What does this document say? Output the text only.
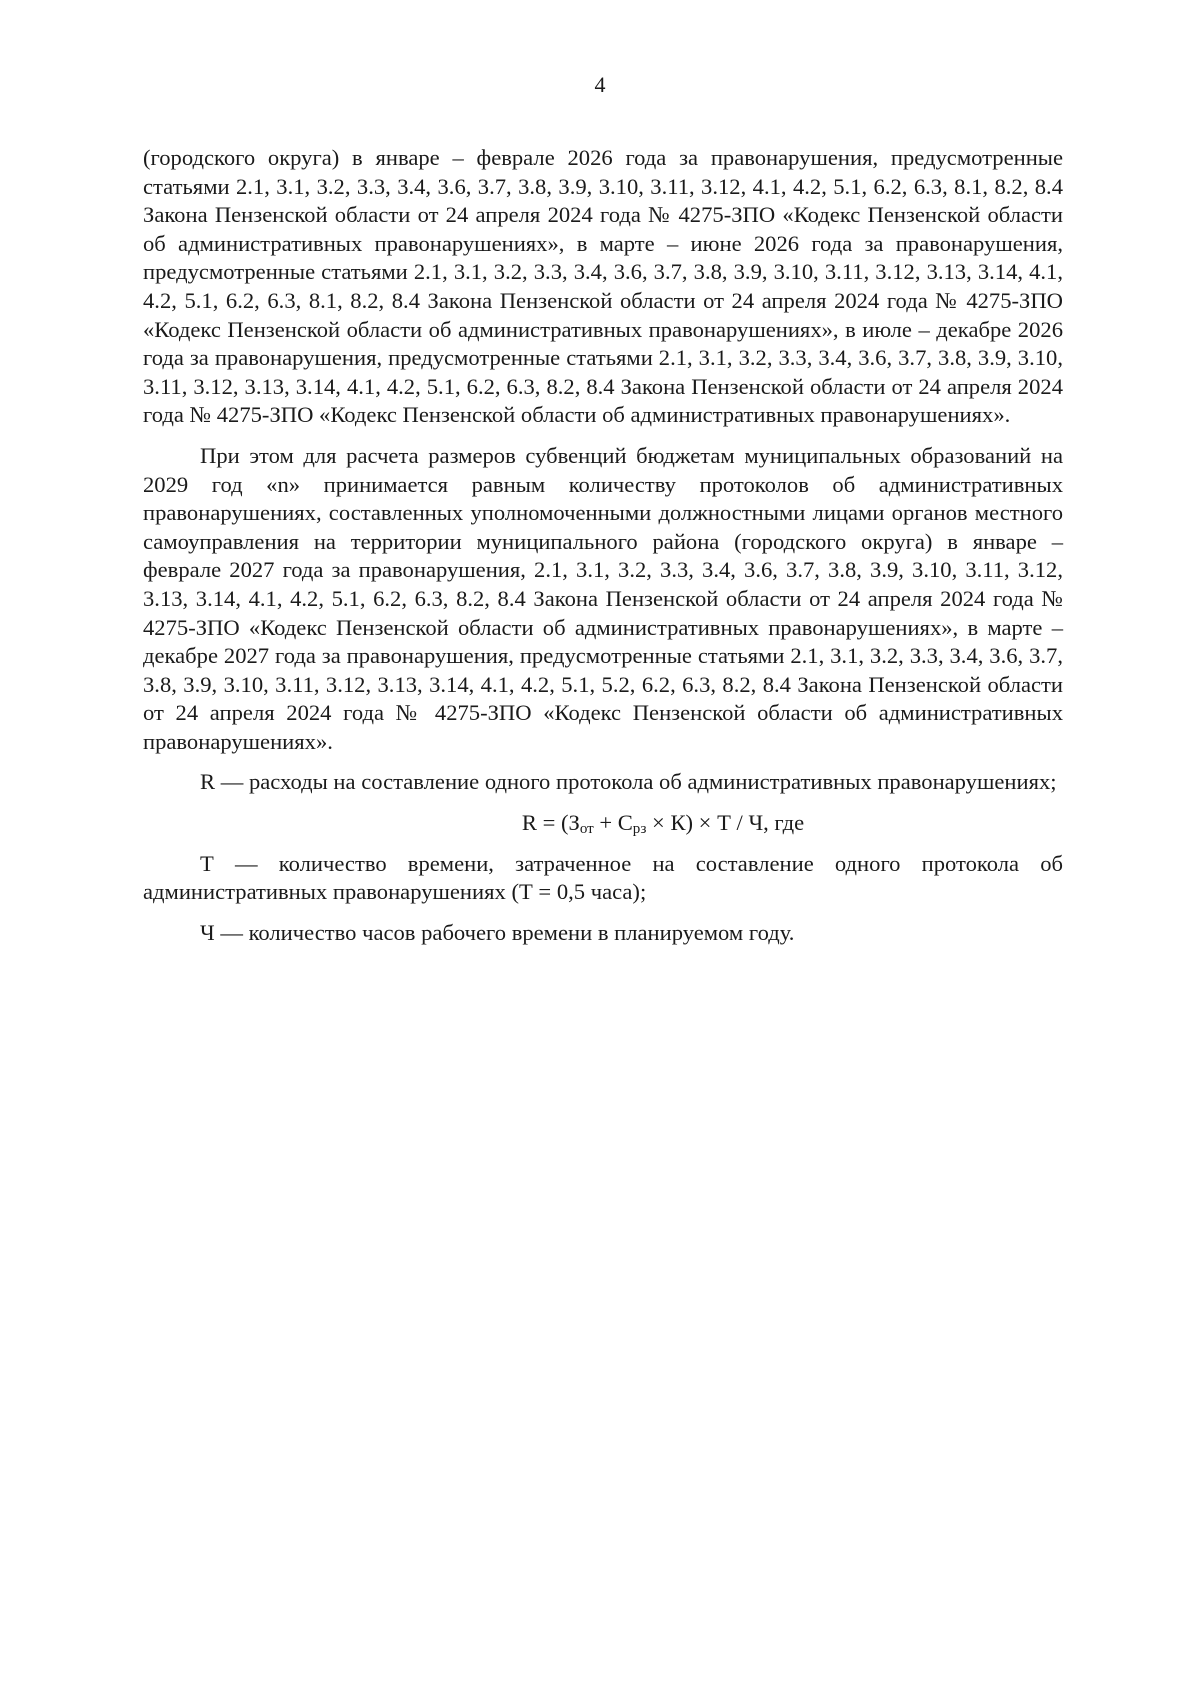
4

(городского округа) в январе – феврале 2026 года за правонарушения, предусмотренные статьями 2.1, 3.1, 3.2, 3.3, 3.4, 3.6, 3.7, 3.8, 3.9, 3.10, 3.11, 3.12, 4.1, 4.2, 5.1, 6.2, 6.3, 8.1, 8.2, 8.4 Закона Пензенской области от 24 апреля 2024 года № 4275-ЗПО «Кодекс Пензенской области об административных правонарушениях», в марте – июне 2026 года за правонарушения, предусмотренные статьями 2.1, 3.1, 3.2, 3.3, 3.4, 3.6, 3.7, 3.8, 3.9, 3.10, 3.11, 3.12, 3.13, 3.14, 4.1, 4.2, 5.1, 6.2, 6.3, 8.1, 8.2, 8.4 Закона Пензенской области от 24 апреля 2024 года № 4275-ЗПО «Кодекс Пензенской области об административных правонарушениях», в июле – декабре 2026 года за правонарушения, предусмотренные статьями 2.1, 3.1, 3.2, 3.3, 3.4, 3.6, 3.7, 3.8, 3.9, 3.10, 3.11, 3.12, 3.13, 3.14, 4.1, 4.2, 5.1, 6.2, 6.3, 8.2, 8.4 Закона Пензенской области от 24 апреля 2024 года № 4275-ЗПО «Кодекс Пензенской области об административных правонарушениях».

При этом для расчета размеров субвенций бюджетам муниципальных образований на 2029 год «n» принимается равным количеству протоколов об административных правонарушениях, составленных уполномоченными должностными лицами органов местного самоуправления на территории муниципального района (городского округа) в январе – феврале 2027 года за правонарушения, 2.1, 3.1, 3.2, 3.3, 3.4, 3.6, 3.7, 3.8, 3.9, 3.10, 3.11, 3.12, 3.13, 3.14, 4.1, 4.2, 5.1, 6.2, 6.3, 8.2, 8.4 Закона Пензенской области от 24 апреля 2024 года № 4275-ЗПО «Кодекс Пензенской области об административных правонарушениях», в марте – декабре 2027 года за правонарушения, предусмотренные статьями 2.1, 3.1, 3.2, 3.3, 3.4, 3.6, 3.7, 3.8, 3.9, 3.10, 3.11, 3.12, 3.13, 3.14, 4.1, 4.2, 5.1, 5.2, 6.2, 6.3, 8.2, 8.4 Закона Пензенской области от 24 апреля 2024 года № 4275-ЗПО «Кодекс Пензенской области об административных правонарушениях».

R — расходы на составление одного протокола об административных правонарушениях;

$R = (З_{от} + С_{рз} \times К) \times Т / Ч$, где

Т — количество времени, затраченное на составление одного протокола об административных правонарушениях (Т = 0,5 часа);

Ч — количество часов рабочего времени в планируемом году.
